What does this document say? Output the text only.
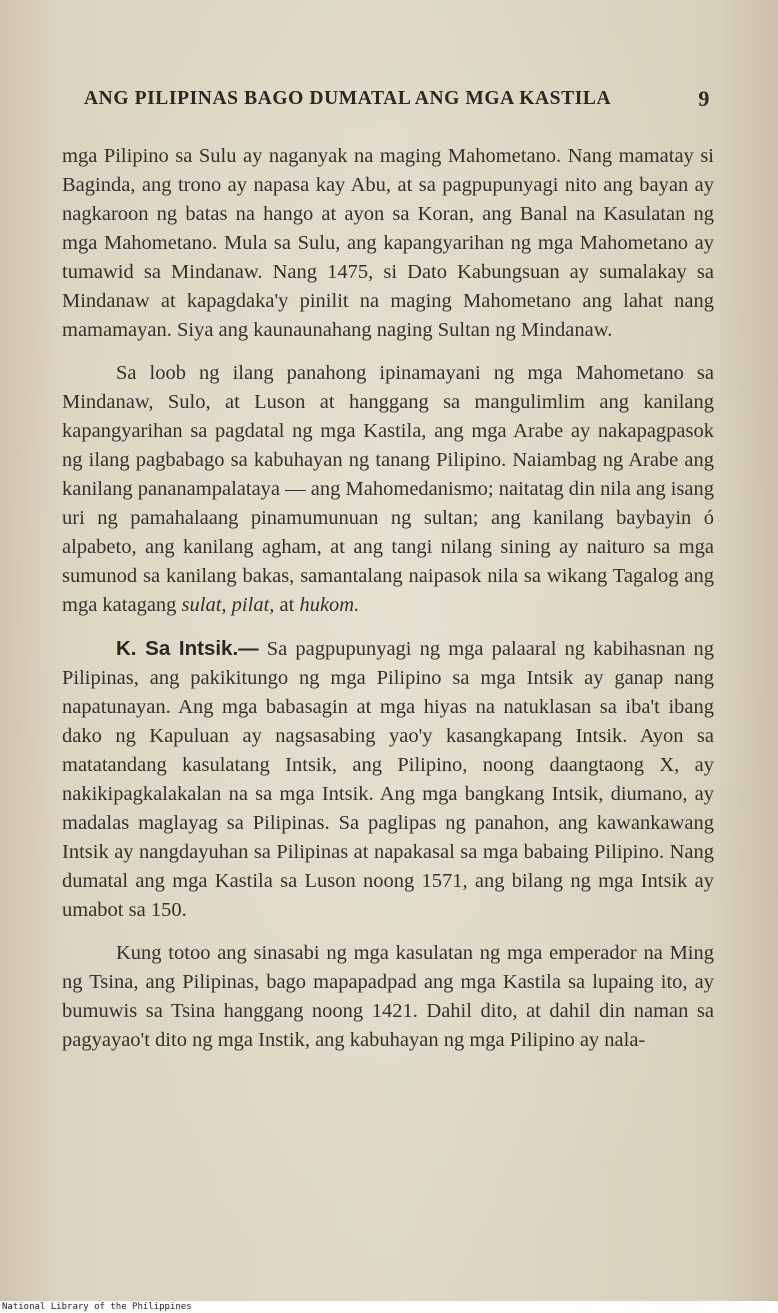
ANG PILIPINAS BAGO DUMATAL ANG MGA KASTILA	9

mga Pilipino sa Sulu ay naganyak na maging Mahometano. Nang mamatay si Baginda, ang trono ay napasa kay Abu, at sa pagpupunyagi nito ang bayan ay nagkaroon ng batas na hango at ayon sa Koran, ang Banal na Kasulatan ng mga Mahometano. Mula sa Sulu, ang kapangyarihan ng mga Mahometano ay tumawid sa Mindanaw. Nang 1475, si Dato Kabungsuan ay sumalakay sa Mindanaw at kapagdaka'y pinilit na maging Mahometano ang lahat nang mamamayan. Siya ang kaunaunahang naging Sultan ng Mindanaw.

Sa loob ng ilang panahong ipinamayani ng mga Mahometano sa Mindanaw, Sulo, at Luson at hanggang sa mangulimlim ang kanilang kapangyarihan sa pagdatal ng mga Kastila, ang mga Arabe ay nakapagpasok ng ilang pagbabago sa kabuhayan ng tanang Pilipino. Naiambag ng Arabe ang kanilang pananampalataya — ang Mahomedanismo; naitatag din nila ang isang uri ng pamahalaang pinamumunuan ng sultan; ang kanilang baybayin ó alpabeto, ang kanilang agham, at ang tangi nilang sining ay naituro sa mga sumunod sa kanilang bakas, samantalang naipasok nila sa wikang Tagalog ang mga katagang sulat, pilat, at hukom.

K. Sa Intsik.— Sa pagpupunyagi ng mga palaaral ng kabihasnan ng Pilipinas, ang pakikitungo ng mga Pilipino sa mga Intsik ay ganap nang napatunayan. Ang mga babasagin at mga hiyas na natuklasan sa iba't ibang dako ng Kapuluan ay nagsasabing yao'y kasangkapang Intsik. Ayon sa matatandang kasulatang Intsik, ang Pilipino, noong daangtaong X, ay nakikipagkalakalan na sa mga Intsik. Ang mga bangkang Intsik, diumano, ay madalas maglayag sa Pilipinas. Sa paglipas ng panahon, ang kawankawang Intsik ay nangdayuhan sa Pilipinas at napakasal sa mga babaing Pilipino. Nang dumatal ang mga Kastila sa Luson noong 1571, ang bilang ng mga Intsik ay umabot sa 150.

Kung totoo ang sinasabi ng mga kasulatan ng mga emperador na Ming ng Tsina, ang Pilipinas, bago mapapadpad ang mga Kastila sa lupaing ito, ay bumuwis sa Tsina hanggang noong 1421. Dahil dito, at dahil din naman sa pagyayao't dito ng mga Instik, ang kabuhayan ng mga Pilipino ay nala-

National Library of the Philippines
